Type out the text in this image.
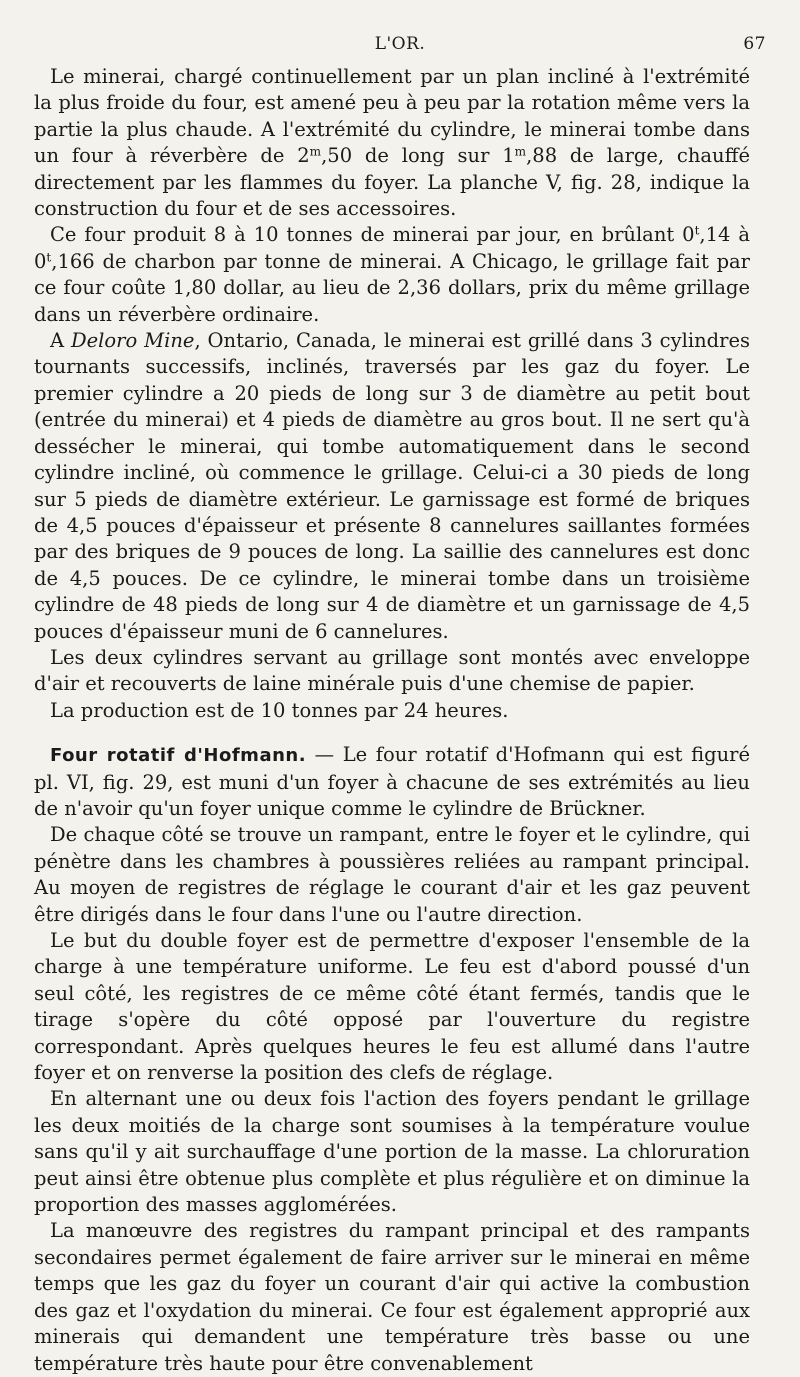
L'OR.	67

Le minerai, chargé continuellement par un plan incliné à l'extrémité la plus froide du four, est amené peu à peu par la rotation même vers la partie la plus chaude. A l'extrémité du cylindre, le minerai tombe dans un four à réverbère de 2$^m$,50 de long sur 1$^m$,88 de large, chauffé directement par les flammes du foyer. La planche V, fig. 28, indique la construction du four et de ses accessoires.

Ce four produit 8 à 10 tonnes de minerai par jour, en brûlant 0$^t$,14 à 0$^t$,166 de charbon par tonne de minerai. A Chicago, le grillage fait par ce four coûte 1,80 dollar, au lieu de 2,36 dollars, prix du même grillage dans un réverbère ordinaire.

A Deloro Mine, Ontario, Canada, le minerai est grillé dans 3 cylindres tournants successifs, inclinés, traversés par les gaz du foyer. Le premier cylindre a 20 pieds de long sur 3 de diamètre au petit bout (entrée du minerai) et 4 pieds de diamètre au gros bout. Il ne sert qu'à dessécher le minerai, qui tombe automatiquement dans le second cylindre incliné, où commence le grillage. Celui-ci a 30 pieds de long sur 5 pieds de diamètre extérieur. Le garnissage est formé de briques de 4,5 pouces d'épaisseur et présente 8 cannelures saillantes formées par des briques de 9 pouces de long. La saillie des cannelures est donc de 4,5 pouces. De ce cylindre, le minerai tombe dans un troisième cylindre de 48 pieds de long sur 4 de diamètre et un garnissage de 4,5 pouces d'épaisseur muni de 6 cannelures.

Les deux cylindres servant au grillage sont montés avec enveloppe d'air et recouverts de laine minérale puis d'une chemise de papier.

La production est de 10 tonnes par 24 heures.

Four rotatif d'Hofmann. — Le four rotatif d'Hofmann qui est figuré pl. VI, fig. 29, est muni d'un foyer à chacune de ses extrémités au lieu de n'avoir qu'un foyer unique comme le cylindre de Brückner.

De chaque côté se trouve un rampant, entre le foyer et le cylindre, qui pénètre dans les chambres à poussières reliées au rampant principal. Au moyen de registres de réglage le courant d'air et les gaz peuvent être dirigés dans le four dans l'une ou l'autre direction.

Le but du double foyer est de permettre d'exposer l'ensemble de la charge à une température uniforme. Le feu est d'abord poussé d'un seul côté, les registres de ce même côté étant fermés, tandis que le tirage s'opère du côté opposé par l'ouverture du registre correspondant. Après quelques heures le feu est allumé dans l'autre foyer et on renverse la position des clefs de réglage.

En alternant une ou deux fois l'action des foyers pendant le grillage les deux moitiés de la charge sont soumises à la température voulue sans qu'il y ait surchauffage d'une portion de la masse. La chloruration peut ainsi être obtenue plus complète et plus régulière et on diminue la proportion des masses agglomérées.

La manœuvre des registres du rampant principal et des rampants secondaires permet également de faire arriver sur le minerai en même temps que les gaz du foyer un courant d'air qui active la combustion des gaz et l'oxydation du minerai. Ce four est également approprié aux minerais qui demandent une température très basse ou une température très haute pour être convenablement
